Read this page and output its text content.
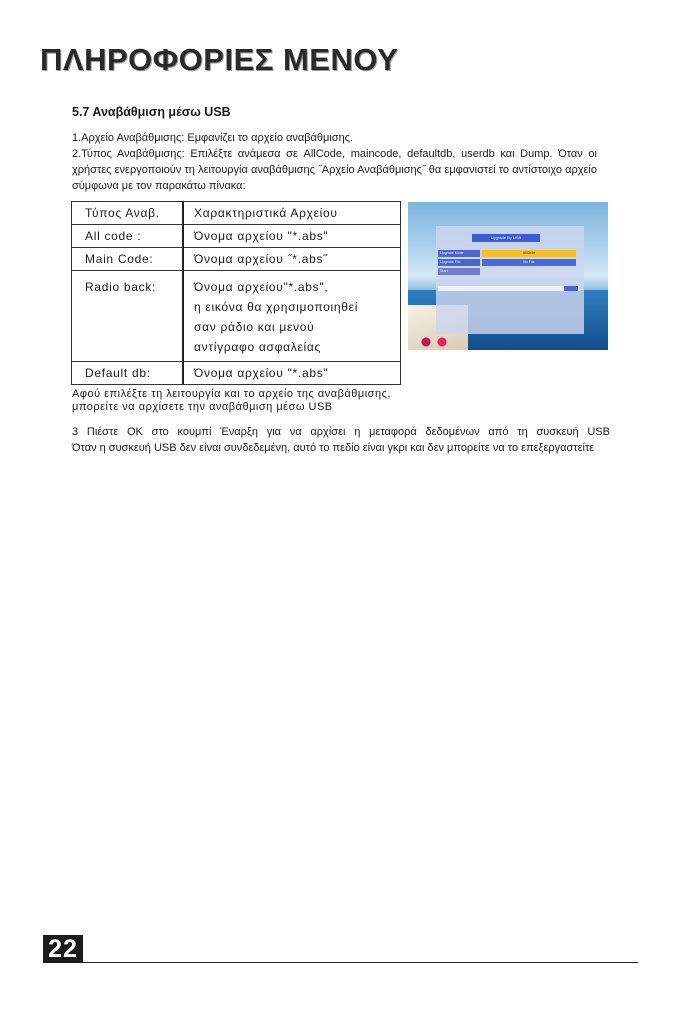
ΠΛΗΡΟΦΟΡΙΕΣ ΜΕΝΟΥ
5.7 Αναβάθμιση μέσω USB

1.Αρχείο Αναβάθμισης: Εμφανίζει το αρχείο αναβάθμισης.

2.Τύπος Αναβάθμισης: Επιλέξτε ανάμεσα σε AllCode, maincode, defaultdb, userdb και Dump. Όταν οι χρήστες ενεργοποιούν τη λειτουργία αναβάθμισης ˝Αρχείο Αναβάθμισης˝ θα εμφανιστεί το αντίστοιχο αρχείο σύμφωνα με τον παρακάτω πίνακα:

Τύπος Αναβ.	Χαρακτηριστικά Αρχείου
All code :	Όνομα αρχείου "*.abs"
Main Code:	Όνομα αρχείου ˝*.abs˝
Radio back:	Όνομα αρχείου"*.abs",
η εικόνα θα χρησιμοποιηθεί
σαν ράδιο και μενού
αντίγραφο ασφαλείας

Default db:	Όνομα αρχείου "*.abs"
Upgrade By USB
Upgrade Mode	AllCode
Upgrade File	No File
Start

Αφού επιλέξτε τη λειτουργία και το αρχείο της αναβάθμισης,

μπορείτε να αρχίσετε την αναβάθμιση μέσω USB

3 Πιέστε OK στο κουμπί Έναρξη για να αρχίσει η μεταφορά δεδομένων από τη συσκευή USB

Όταν η συσκευή USB δεν είναι συνδεδεμένη, αυτό το πεδίο είναι γκρι και δεν μπορείτε να το επεξεργαστείτε

22
